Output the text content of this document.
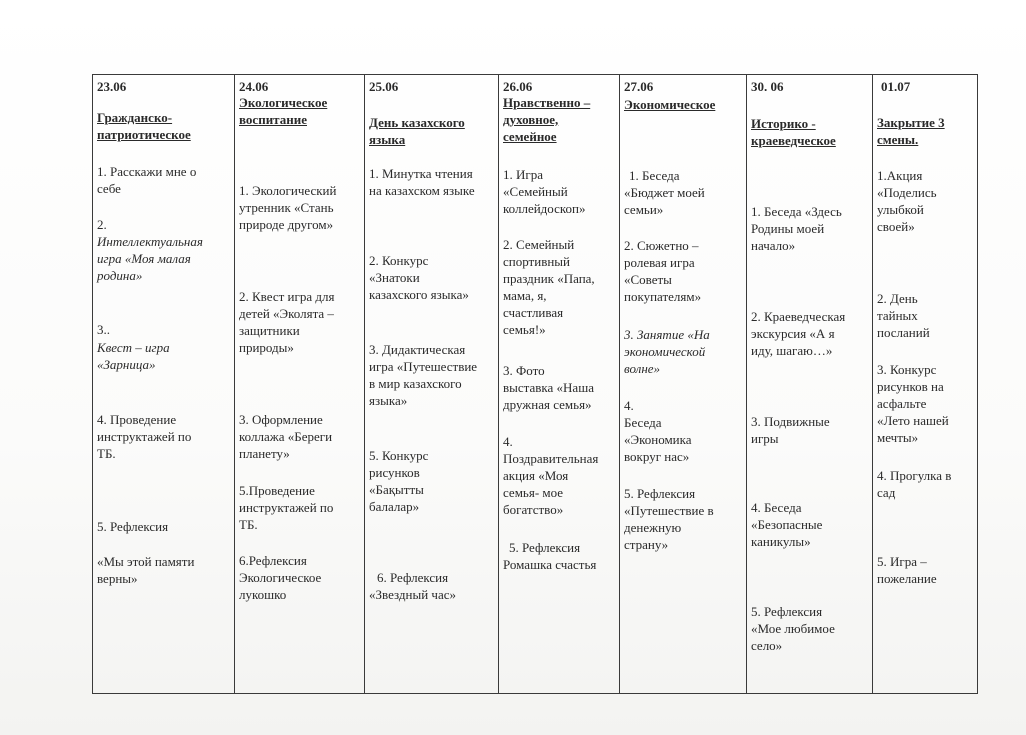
23.06
Гражданско-
патриотическое
1. Расскажи мне о
себе
2.
Интеллектуальная
игра «Моя малая
родина»
3..
Квест – игра
«Зарница»
4. Проведение
инструктажей по
ТБ.
5. Рефлексия
«Мы этой памяти
верны»
24.06
Экологическое
воспитание
1. Экологический
утренник «Стань
природе другом»
2. Квест игра для
детей «Эколята –
защитники
природы»
3. Оформление
коллажа «Береги
планету»
5.Проведение
инструктажей по
ТБ.
6.Рефлексия
Экологическое
лукошко
25.06
День казахского
языка
1. Минутка чтения
на казахском языке
2. Конкурс
«Знатоки
казахского языка»
3. Дидактическая
игра «Путешествие
в мир казахского
языка»
5. Конкурс
рисунков
«Бақытты
балалар»
6. Рефлексия
«Звездный час»
26.06
Нравственно –
духовное,
семейное
1. Игра
«Семейный
коллейдоскоп»
2. Семейный
спортивный
праздник «Папа,
мама, я,
счастливая
семья!»
3. Фото
выставка «Наша
дружная семья»
4.
Поздравительная
акция «Моя
семья- мое
богатство»
5. Рефлексия
Ромашка счастья
27.06
Экономическое
1. Беседа
«Бюджет моей
семьи»
2. Сюжетно –
ролевая игра
«Советы
покупателям»
3. Занятие «На
экономической
волне»
4.
Беседа
«Экономика
вокруг нас»
5. Рефлексия
«Путешествие в
денежную
страну»
30. 06
Историко -
краеведческое
1. Беседа «Здесь
Родины моей
начало»
2. Краеведческая
экскурсия «А я
иду, шагаю…»
3. Подвижные
игры
4. Беседа
«Безопасные
каникулы»
5. Рефлексия
«Мое любимое
село»
01.07
Закрытие 3
смены.
1.Акция
«Поделись
улыбкой
своей»
2. День
тайных
посланий
3. Конкурс
рисунков на
асфальте
«Лето нашей
мечты»
4. Прогулка в
сад
5. Игра –
пожелание
